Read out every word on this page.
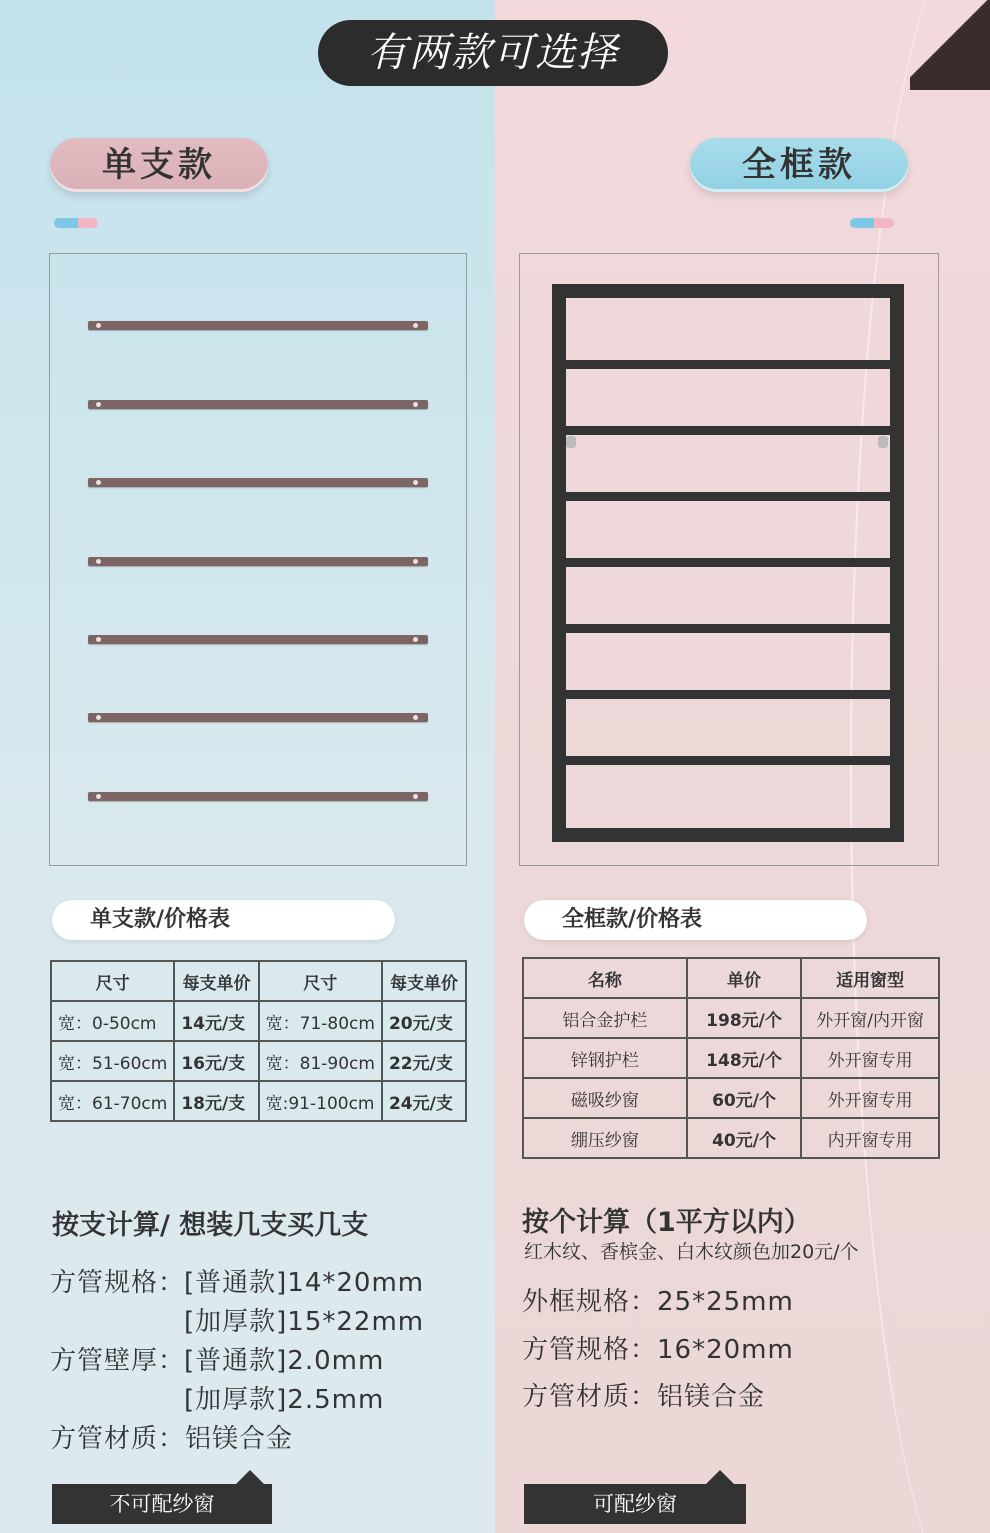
有两款可选择
单支款
单支款/价格表
尺寸	每支单价	尺寸	每支单价
宽：0-50cm	14元/支	宽：71-80cm	20元/支
宽：51-60cm	16元/支	宽：81-90cm	22元/支
宽：61-70cm	18元/支	宽:91-100cm	24元/支
按支计算/ 想装几支买几支
方管规格：
[普通款]14*20mm
[加厚款]15*22mm
方管壁厚：
[普通款]2.0mm
[加厚款]2.5mm
方管材质：铝镁合金
不可配纱窗
全框款
全框款/价格表
名称	单价	适用窗型
铝合金护栏	198元/个	外开窗/内开窗
锌钢护栏	148元/个	外开窗专用
磁吸纱窗	60元/个	外开窗专用
绷压纱窗	40元/个	内开窗专用
按个计算（1平方以内）
红木纹、香槟金、白木纹颜色加20元/个
外框规格：25*25mm
方管规格：16*20mm
方管材质：铝镁合金
可配纱窗
